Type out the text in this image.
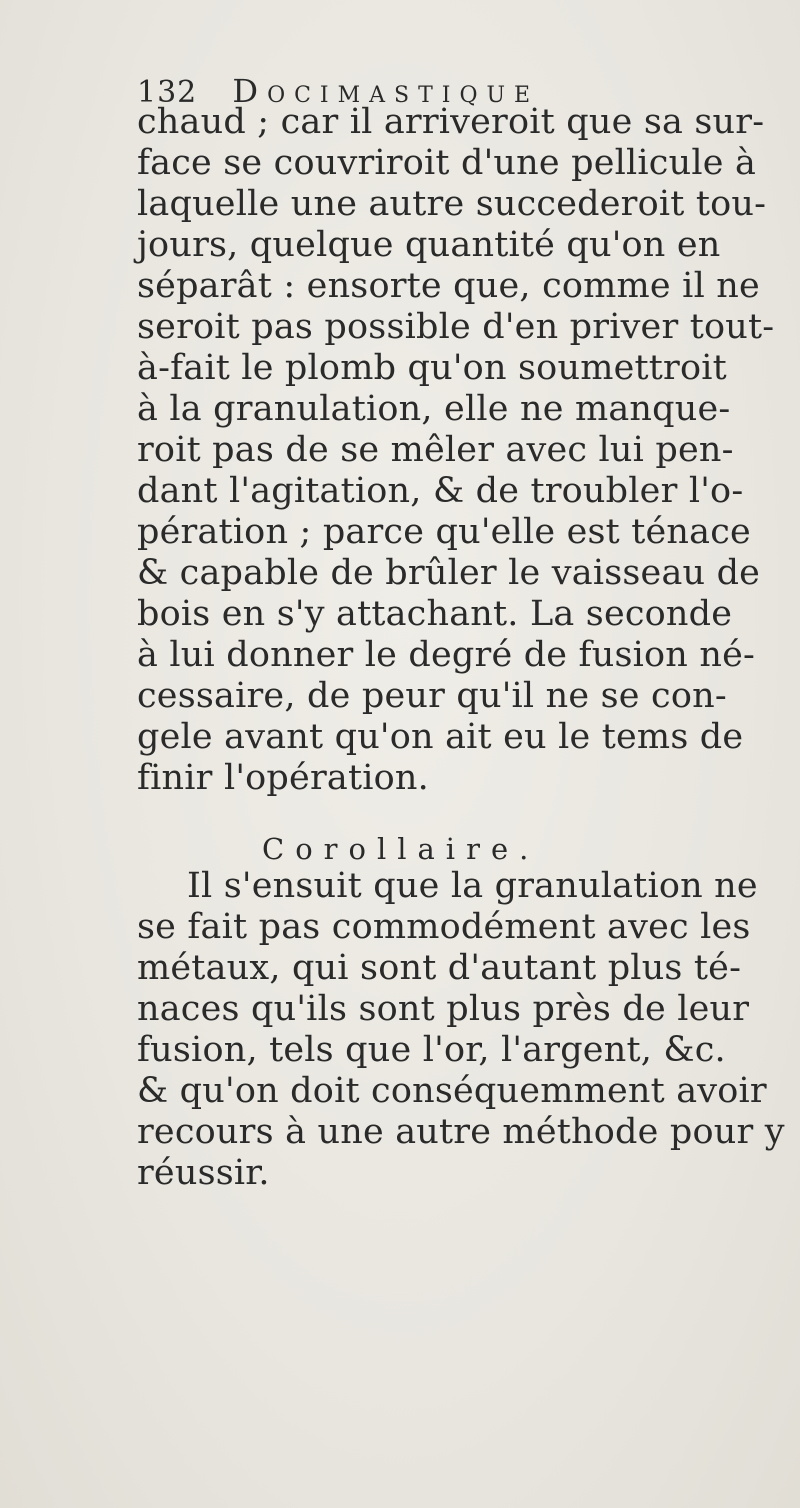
132 Docimastique
chaud ; car il arriveroit que sa sur-
face se couvriroit d'une pellicule à
laquelle une autre succederoit tou-
jours, quelque quantité qu'on en
séparât : ensorte que, comme il ne
seroit pas possible d'en priver tout-
à-fait le plomb qu'on soumettroit
à la granulation, elle ne manque-
roit pas de se mêler avec lui pen-
dant l'agitation, & de troubler l'o-
pération ; parce qu'elle est ténace
& capable de brûler le vaisseau de
bois en s'y attachant. La seconde
à lui donner le degré de fusion né-
cessaire, de peur qu'il ne se con-
gele avant qu'on ait eu le tems de
finir l'opération.
Corollaire.
Il s'ensuit que la granulation ne
se fait pas commodément avec les
métaux, qui sont d'autant plus té-
naces qu'ils sont plus près de leur
fusion, tels que l'or, l'argent, &c.
& qu'on doit conséquemment avoir
recours à une autre méthode pour y
réussir.
